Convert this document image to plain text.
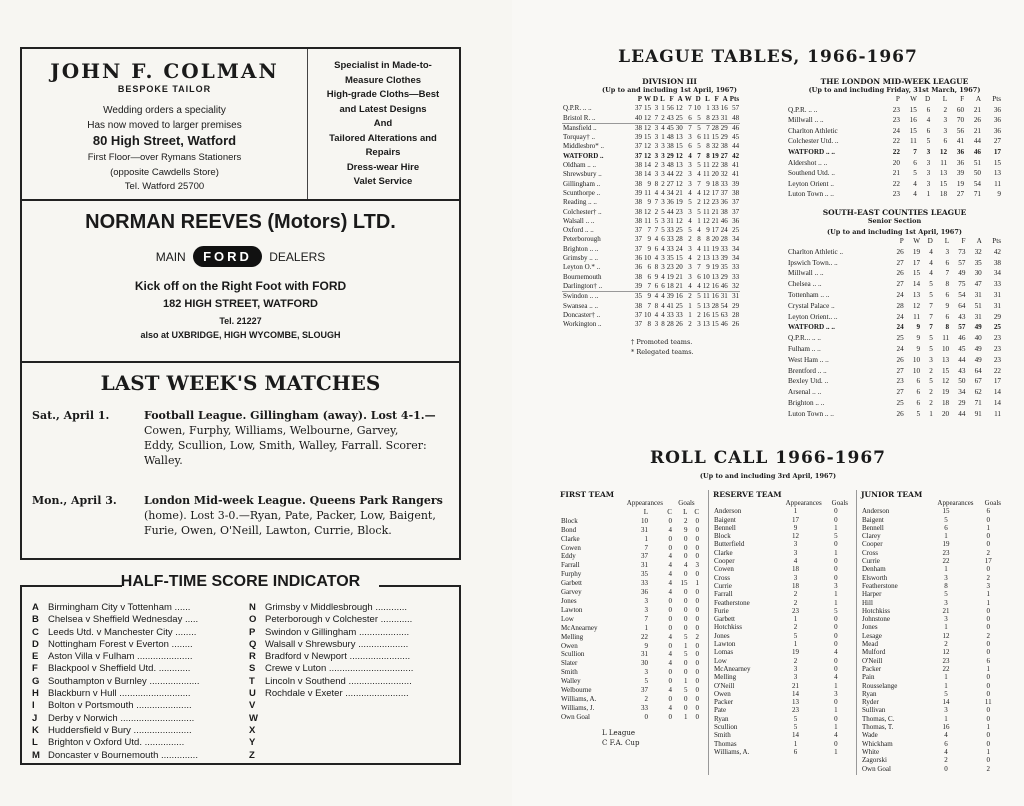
JOHN F. COLMAN
BESPOKE TAILOR
Wedding orders a speciality
Has now moved to larger premises
80 High Street, Watford
First Floor—over Rymans Stationers
(opposite Cawdells Store)
Tel. Watford 25700
Specialist in Made-to-
Measure Clothes
High-grade Cloths—Best
and Latest Designs
And
Tailored Alterations and
Repairs
Dress-wear Hire
Valet Service
NORMAN REEVES (Motors) LTD.
MAIN FORD DEALERS
Kick off on the Right Foot with FORD
182 HIGH STREET, WATFORD
Tel. 21227
also at UXBRIDGE, HIGH WYCOMBE, SLOUGH
LAST WEEK'S MATCHES
Sat., April 1.	Football League. Gillingham (away). Lost 4-1.—
Cowen, Furphy, Williams, Welbourne, Garvey,
Eddy, Scullion, Low, Smith, Walley, Farrall. Scorer:
Walley.
Mon., April 3. London Mid-week League. Queens Park Rangers
(home). Lost 3-0.—Ryan, Pate, Packer, Low, Baigent,
Furie, Owen, O'Neill, Lawton, Currie, Block.
HALF-TIME SCORE INDICATOR
A Birmingham City v Tottenham ......
B Chelsea v Sheffield Wednesday .....
C Leeds Utd. v Manchester City ........
D Nottingham Forest v Everton ........
E Aston Villa v Fulham .....................
F Blackpool v Sheffield Utd. ............
G Southampton v Burnley ...................
H Blackburn v Hull ...........................
I Bolton v Portsmouth .....................
J Derby v Norwich ............................
K Huddersfield v Bury ......................
L Brighton v Oxford Utd. ...............
M Doncaster v Bournemouth ..............
N Grimsby v Middlesbrough ............
O Peterborough v Colchester ............
P Swindon v Gillingham ...................
Q Walsall v Shrewsbury ...................
R Bradford v Newport .......................
S Crewe v Luton ................................
T Lincoln v Southend ........................
U Rochdale v Exeter ........................
V
W
X
Y
Z
LEAGUE TABLES, 1966-1967
DIVISION III
(Up to and including 1st April, 1967)
	P	W	D	L	F	A	W	D	L	F	A	Pts
Q.P.R. .. ..	37	15	3	1	56	12	7	10	1	33	16	57
Bristol R. ..	40	12	7	2	43	25	6	5	8	23	31	48
Mansfield ..	38	12	3	4	45	30	7	5	7	28	29	46
Torquay† ..	39	15	3	1	48	13	3	6	11	15	29	45
Middlesbro* ..	37	12	3	3	38	15	6	5	8	32	38	44
WATFORD ..	37	12	3	3	29	12	4	7	8	19	27	42
Oldham .. ..	38	14	2	3	48	13	3	5	11	22	38	41
Shrewsbury ..	38	14	3	3	44	22	3	4	11	20	32	41
Gillingham ..	38	9	8	2	27	12	3	7	9	18	33	39
Scunthorpe ..	39	11	4	4	34	21	4	4	12	17	37	38
Reading .. ..	38	9	7	3	36	19	5	2	12	23	36	37
Colchester† ..	38	12	2	5	44	23	3	5	11	21	38	37
Walsall .. ..	38	11	5	3	31	12	4	1	12	21	46	36
Oxford .. ..	37	7	7	5	33	25	5	4	9	17	24	25
Peterborough	37	9	4	6	33	28	2	8	8	20	28	34
Brighton .. ..	37	9	6	4	33	24	3	4	11	19	33	34
Grimsby .. ..	36	10	4	3	35	15	4	2	13	13	39	34
Leyton O.* ..	36	6	8	3	23	20	3	7	9	19	35	33
Bournemouth	38	6	9	4	19	21	3	6	10	13	29	33
Darlington† ..	39	7	6	6	18	21	4	4	12	16	46	32
Swindon .. ..	35	9	4	4	39	16	2	5	11	16	31	31
Swansea .. ..	38	7	8	4	41	25	1	5	13	28	54	29
Doncaster† ..	37	10	4	4	33	33	1	2	16	15	63	28
Workington ..	37	8	3	8	28	26	2	3	13	15	46	26
† Promoted teams.
* Relegated teams.
THE LONDON MID-WEEK LEAGUE
(Up to and including Friday, 31st March, 1967)
	P	W	D	L	F	A	Pts
Q.P.R. .. ..	23	15	6	2	60	21	36
Millwall .. ..	23	16	4	3	70	26	36
Charlton Athletic	24	15	6	3	56	21	36
Colchester Utd. ..	22	11	5	6	41	44	27
WATFORD .. ..	22	7	3	12	36	46	17
Aldershot .. ..	20	6	3	11	36	51	15
Southend Utd. ..	21	5	3	13	39	50	13
Leyton Orient ..	22	4	3	15	19	54	11
Luton Town .. ..	23	4	1	18	27	71	9
SOUTH-EAST COUNTIES LEAGUE
Senior Section
(Up to and including 1st April, 1967)
	P	W	D	L	F	A	Pts
Charlton Athletic ..	26	19	4	3	73	32	42
Ipswich Town.. ..	27	17	4	6	57	35	38
Millwall .. ..	26	15	4	7	49	30	34
Chelsea .. ..	27	14	5	8	75	47	33
Tottenham .. ..	24	13	5	6	54	31	31
Crystal Palace ..	28	12	7	9	64	51	31
Leyton Orient.. ..	24	11	7	6	43	31	29
WATFORD .. ..	24	9	7	8	57	49	25
Q.P.R... .. ..	25	9	5	11	46	40	23
Fulham .. ..	24	9	5	10	45	49	23
West Ham .. ..	26	10	3	13	44	49	23
Brentford .. ..	27	10	2	15	43	64	22
Bexley Utd. ..	23	6	5	12	50	67	17
Arsenal .. ..	27	6	2	19	34	62	14
Brighton .. ..	25	6	2	18	29	71	14
Luton Town .. ..	26	5	1	20	44	91	11
ROLL CALL 1966-1967
(Up to and including 3rd April, 1967)
FIRST TEAM
	Appearances		Goals	
	L	C	L	C
Block	10	0	2	0
Bond	31	4	9	0
Clarke	1	0	0	0
Cowen	7	0	0	0
Eddy	37	4	0	0
Farrall	31	4	4	3
Furphy	35	4	0	0
Garbett	33	4	15	1
Garvey	36	4	0	0
Jones	3	0	0	0
Lawton	3	0	0	0
Low	7	0	0	0
McAnearney	1	0	0	0
Melling	22	4	5	2
Owen	9	0	1	0
Scullion	31	4	5	0
Slater	30	4	0	0
Smith	3	0	0	0
Walley	5	0	1	0
Welbourne	37	4	5	0
Williams, A.	2	0	0	0
Williams, J.	33	4	0	0
Own Goal	0	0	1	0
L League
C F.A. Cup
RESERVE TEAM
	Appearances	Goals
Anderson	1	0
Baigent	17	0
Bennell	9	1
Block	12	5
Butterfield	3	0
Clarke	3	1
Cooper	4	0
Cowen	18	0
Cross	3	0
Currie	18	3
Farrall	2	1
Featherstone	2	1
Furie	23	5
Garbett	1	0
Hotchkiss	2	0
Jones	5	0
Lawton	1	0
Lomas	19	4
Low	2	0
McAnearney	3	0
Melling	3	4
O'Neill	21	1
Owen	14	3
Packer	13	0
Pate	23	1
Ryan	5	0
Scullion	5	1
Smith	14	4
Thomas	1	0
Williams, A.	6	1
JUNIOR TEAM
	Appearances	Goals
Anderson	15	6
Baigent	5	0
Bennell	6	1
Clarey	1	0
Cooper	19	0
Cross	23	2
Currie	22	17
Denham	1	0
Elsworth	3	2
Featherstone	8	3
Harper	5	1
Hill	3	1
Hotchkiss	21	0
Johnstone	3	0
Jones	1	0
Lesage	12	2
Mead	2	0
Mulford	12	0
O'Neill	23	6
Packer	22	1
Pain	1	0
Rousselange	1	0
Ryan	5	0
Ryder	14	11
Sullivan	3	0
Thomas, C.	1	0
Thomas, T.	16	1
Wade	4	0
Whickham	6	0
White	4	1
Zagorski	2	0
Own Goal	0	2
